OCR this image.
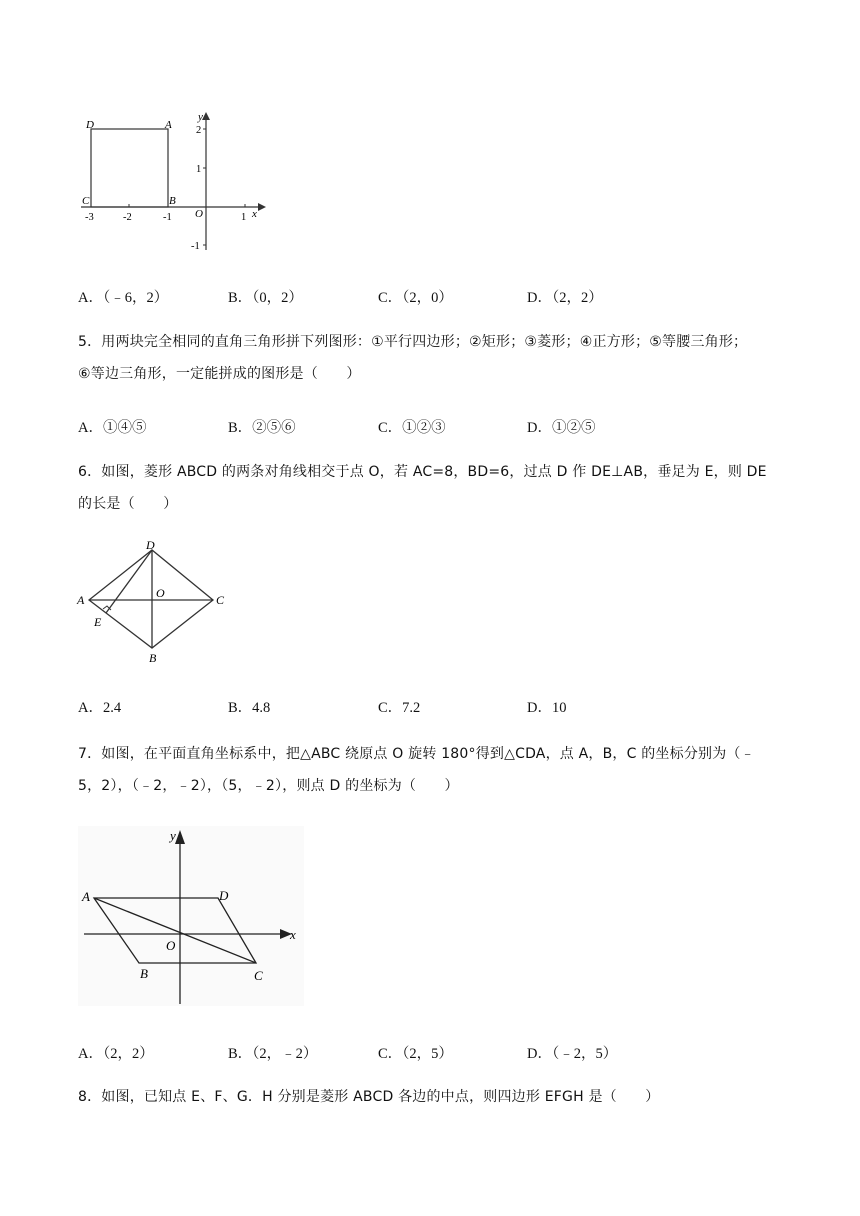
D	A
C	B
O	x
y
-3	-2	-1	1
2
1
-1
A．（﹣6，2）	B．（0，2）	C．（2，0）	D．（2，2）

5．用两块完全相同的直角三角形拼下列图形：①平行四边形；②矩形；③菱形；④正方形；⑤等腰三角形；

⑥等边三角形，一定能拼成的图形是（　　）

A．①④⑤	B．②⑤⑥	C．①②③	D．①②⑤

6．如图，菱形 ABCD 的两条对角线相交于点 O，若 AC=8，BD=6，过点 D 作 DE⊥AB，垂足为 E，则 DE

的长是（　　）

D
A	C
B
E
O
A．2.4	B．4.8	C．7.2	D．10

7．如图，在平面直角坐标系中，把△ABC 绕原点 O 旋转 180°得到△CDA，点 A，B，C 的坐标分别为（﹣

5，2），（﹣2，﹣2），（5，﹣2），则点 D 的坐标为（　　）

A	D
B	C
O
x
y
A．（2，2）	B．（2，﹣2）	C．（2，5）	D．（﹣2，5）

8．如图，已知点 E、F、G．H 分别是菱形 ABCD 各边的中点，则四边形 EFGH 是（　　）
